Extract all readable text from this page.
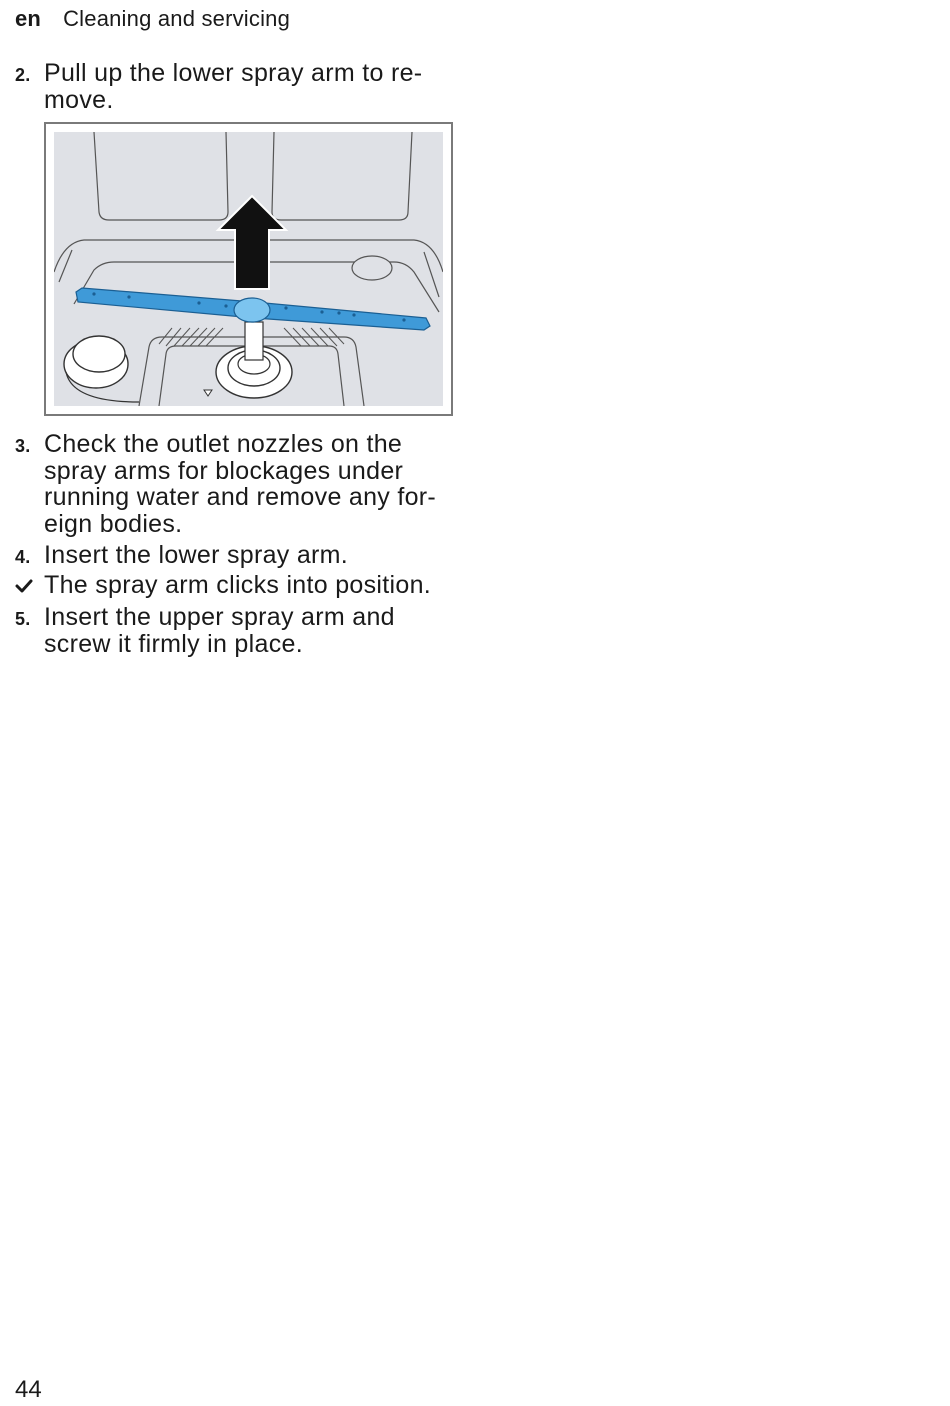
en Cleaning and servicing
2. Pull up the lower spray arm to re-
move.
3. Check the outlet nozzles on the
spray arms for blockages under
running water and remove any for-
eign bodies.
4. Insert the lower spray arm.
The spray arm clicks into position.
5. Insert the upper spray arm and
screw it firmly in place.
44
